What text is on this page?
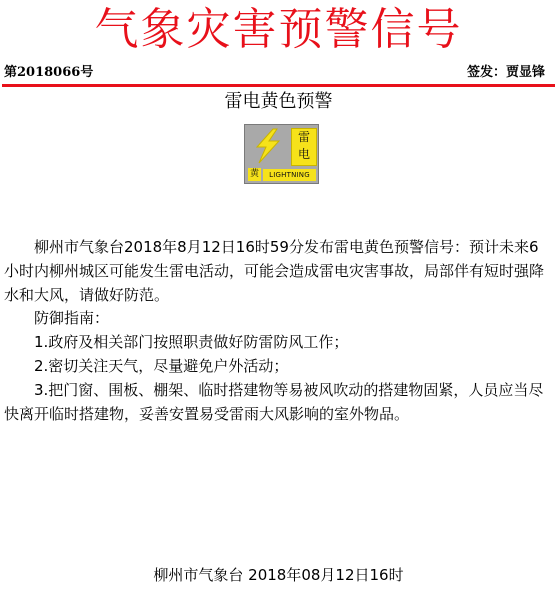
气象灾害预警信号
第2018066号	签发：贾显锋
雷电黄色预警
雷
电
黄	LIGHTNING

柳州市气象台2018年8月12日16时59分发布雷电黄色预警信号：预计未来6小时内柳州城区可能发生雷电活动，可能会造成雷电灾害事故，局部伴有短时强降水和大风，请做好防范。

防御指南：

1.政府及相关部门按照职责做好防雷防风工作；

2.密切关注天气，尽量避免户外活动；

3.把门窗、围板、棚架、临时搭建物等易被风吹动的搭建物固紧，人员应当尽快离开临时搭建物，妥善安置易受雷雨大风影响的室外物品。

柳州市气象台 2018年08月12日16时
